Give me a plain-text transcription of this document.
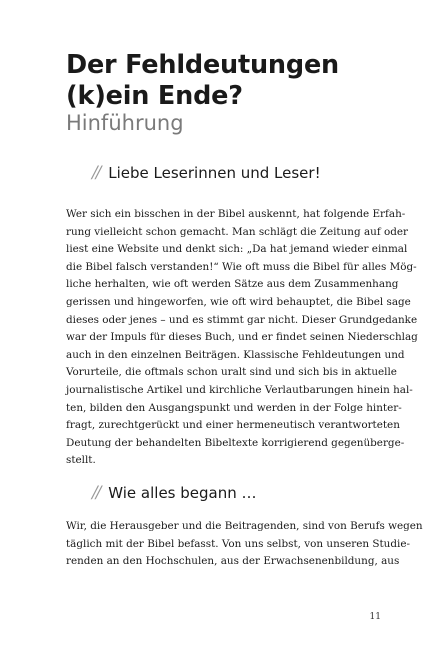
Der Fehldeutungen
(k)ein Ende?
Hinführung
// Liebe Leserinnen und Leser!
Wer sich ein bisschen in der Bibel auskennt, hat folgende Erfah-
rung vielleicht schon gemacht. Man schlägt die Zeitung auf oder
liest eine Website und denkt sich: „Da hat jemand wieder einmal
die Bibel falsch verstanden!“ Wie oft muss die Bibel für alles Mög-
liche herhalten, wie oft werden Sätze aus dem Zusammenhang
gerissen und hingeworfen, wie oft wird behauptet, die Bibel sage
dieses oder jenes – und es stimmt gar nicht. Dieser Grundgedanke
war der Impuls für dieses Buch, und er findet seinen Niederschlag
auch in den einzelnen Beiträgen. Klassische Fehldeutungen und
Vorurteile, die oftmals schon uralt sind und sich bis in aktuelle
journalistische Artikel und kirchliche Verlautbarungen hinein hal-
ten, bilden den Ausgangspunkt und werden in der Folge hinter-
fragt, zurechtgerückt und einer hermeneutisch verantworteten
Deutung der behandelten Bibeltexte korrigierend gegenüberge-
stellt.
// Wie alles begann …
Wir, die Herausgeber und die Beitragenden, sind von Berufs wegen
täglich mit der Bibel befasst. Von uns selbst, von unseren Studie-
renden an den Hochschulen, aus der Erwachsenenbildung, aus
11
